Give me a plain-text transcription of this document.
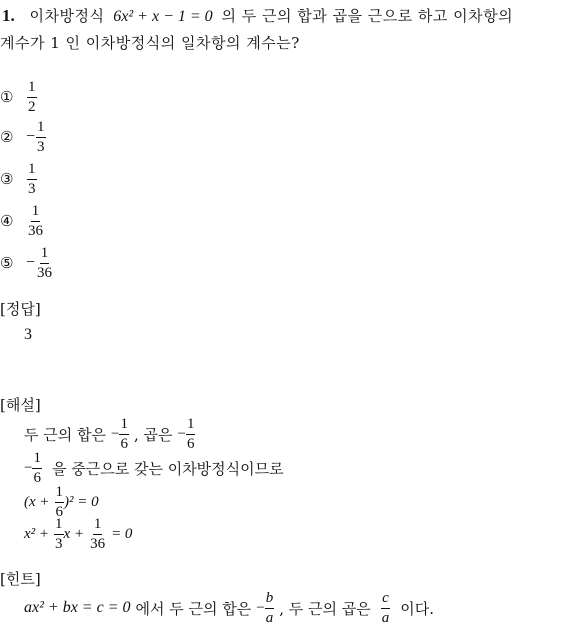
1. 이차방정식 6x² + x − 1 = 0 의 두 근의 합과 곱을 근으로 하고 이차항의
계수가 1 인 이차방정식의 일차항의 계수는?
① $\frac{1}{2}$
② − $\frac{1}{3}$
③ $\frac{1}{3}$
④ $\frac{1}{36}$
⑤ − $\frac{1}{36}$
[정답]
3
[해설]
두 근의 합은 − $\frac{1}{6}$ , 곱은 − $\frac{1}{6}$
− $\frac{1}{6}$ 을 중근으로 갖는 이차방정식이므로
$(x + \frac{1}{6} )^2 = 0$
$x^2 + \frac{1}{3}$ $x + \frac{1}{36} = 0$
[힌트]
ax² + bx = c = 0 에서 두 근의 합은 − $\frac{b}{a}$ , 두 근의 곱은 $\frac{c}{a}$ 이다.
